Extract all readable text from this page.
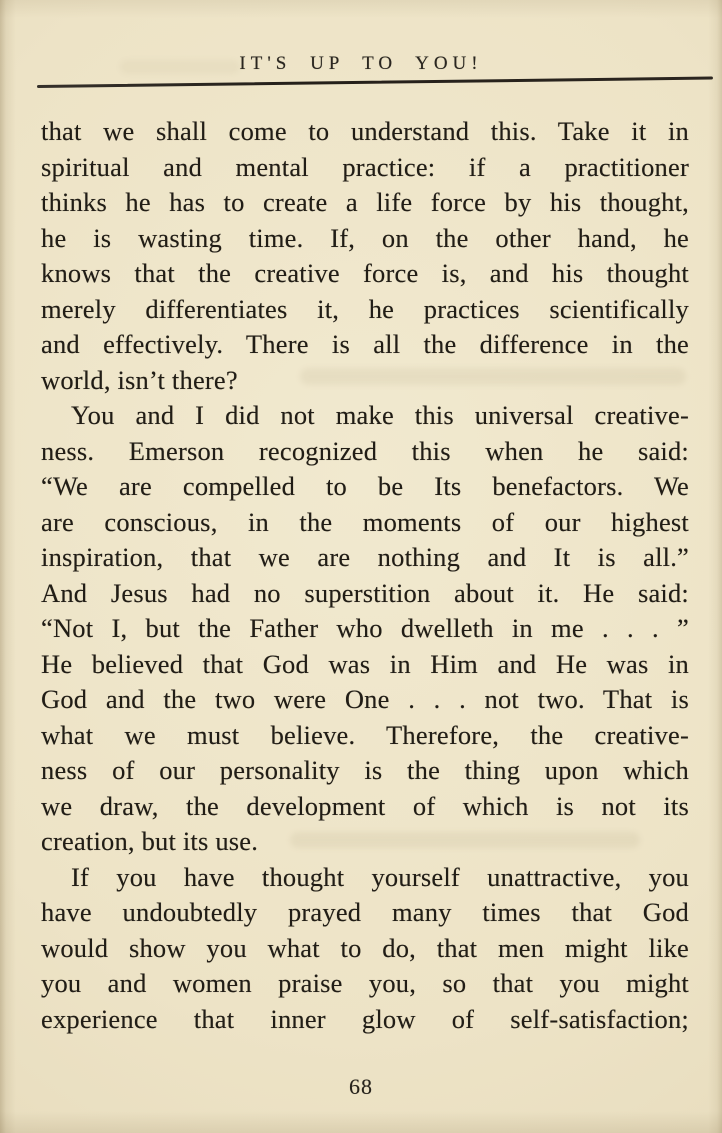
IT'S UP TO YOU!
that we shall come to understand this. Take it in
spiritual and mental practice: if a practitioner
thinks he has to create a life force by his thought,
he is wasting time. If, on the other hand, he
knows that the creative force is, and his thought
merely differentiates it, he practices scientifically
and effectively. There is all the difference in the
world, isn’t there?
You and I did not make this universal creative-
ness. Emerson recognized this when he said:
“We are compelled to be Its benefactors. We
are conscious, in the moments of our highest
inspiration, that we are nothing and It is all.”
And Jesus had no superstition about it. He said:
“Not I, but the Father who dwelleth in me . . . ”
He believed that God was in Him and He was in
God and the two were One . . . not two. That is
what we must believe. Therefore, the creative-
ness of our personality is the thing upon which
we draw, the development of which is not its
creation, but its use.
If you have thought yourself unattractive, you
have undoubtedly prayed many times that God
would show you what to do, that men might like
you and women praise you, so that you might
experience that inner glow of self-satisfaction;
68
